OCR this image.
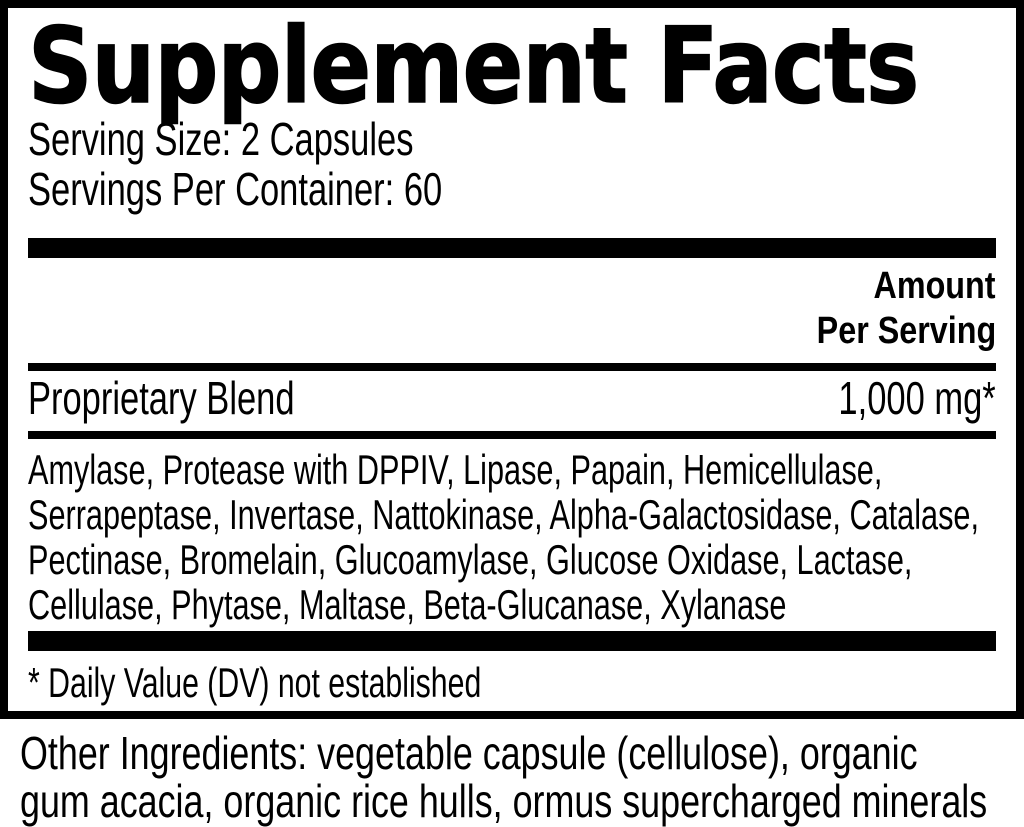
Supplement Facts
Serving Size: 2 Capsules
Servings Per Container: 60
Amount
Per Serving
Proprietary Blend	1,000 mg*
Amylase, Protease with DPPIV, Lipase, Papain, Hemicellulase,
Serrapeptase, Invertase, Nattokinase, Alpha-Galactosidase, Catalase,
Pectinase, Bromelain, Glucoamylase, Glucose Oxidase, Lactase,
Cellulase, Phytase, Maltase, Beta-Glucanase, Xylanase
* Daily Value (DV) not established
Other Ingredients: vegetable capsule (cellulose), organic
gum acacia, organic rice hulls, ormus supercharged minerals
